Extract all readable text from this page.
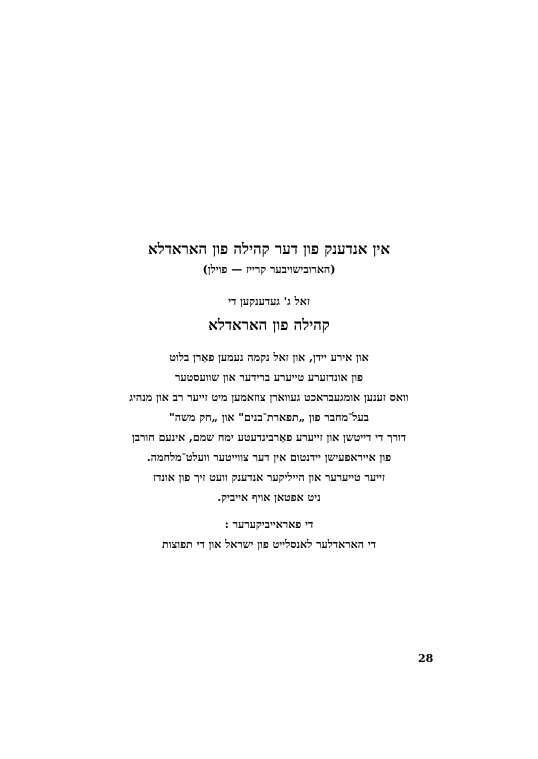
אין אנדענק פון דער קהילה פון הארא‏דלא
(הארובישויבער קרייז — פוילן)
זאל ג' געדענקען די
קהילה פון הארא‏דלא
און אירע יידן, און זאל נקמה נעמען פאַרן בלוט
פון אונדזערע טייערע ברידער און שוועסטער
וואס זענען אומגעבראכט געווארן צוזאמען מיט זייער רב און מנהיג
בעל־מחבר פון „תפארת־בנים" און „חק משה"
דורך די דייטשן און זייערע פאַרבינדעטע ימח שמם, אינעם חורבן
פון אייראפעישן יידנטום אין דער צווייטער וועלט־מלחמה.
זייער טייערער און הייליקער אנדענק וועט זיך פון אונדז
ניט אפטאן אויף אייביק.
די פאראייביקערער :
די הארא‏דלער לאנסלייט פון ישראל און די תפוצות
28
